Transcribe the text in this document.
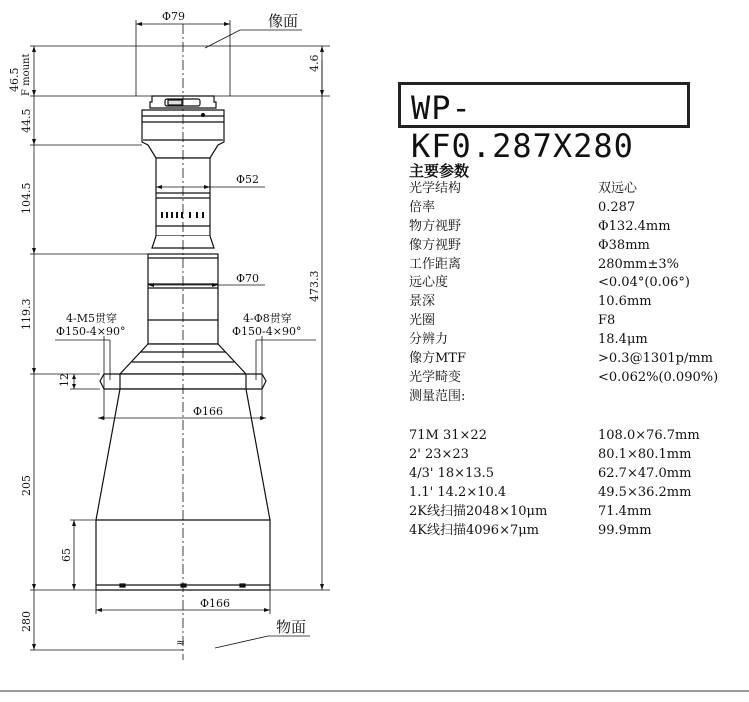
≈
Φ79	像面
46.5 F mount	4.6
44.5
Φ52
104.5
Φ70	473.3
119.3	4-M5贯穿
Φ150-4×90°
4-Φ8贯穿
Φ150-4×90°
12
Φ166
205
65
Φ166
280	物面
WP-KF0.287X280
主要参数
光学结构	双远心
倍率	0.287
物方视野	Φ132.4mm
像方视野	Φ38mm
工作距离	280mm±3%
远心度	<0.04°(0.06°)
景深	10.6mm
光圈	F8
分辨力	18.4μm
像方MTF	>0.3@1301p/mm
光学畸变	<0.062%(0.090%)
测量范围:
71M 31×22	108.0×76.7mm
2' 23×23	80.1×80.1mm
4/3' 18×13.5	62.7×47.0mm
1.1' 14.2×10.4	49.5×36.2mm
2K线扫描2048×10μm	71.4mm
4K线扫描4096×7μm	99.9mm
